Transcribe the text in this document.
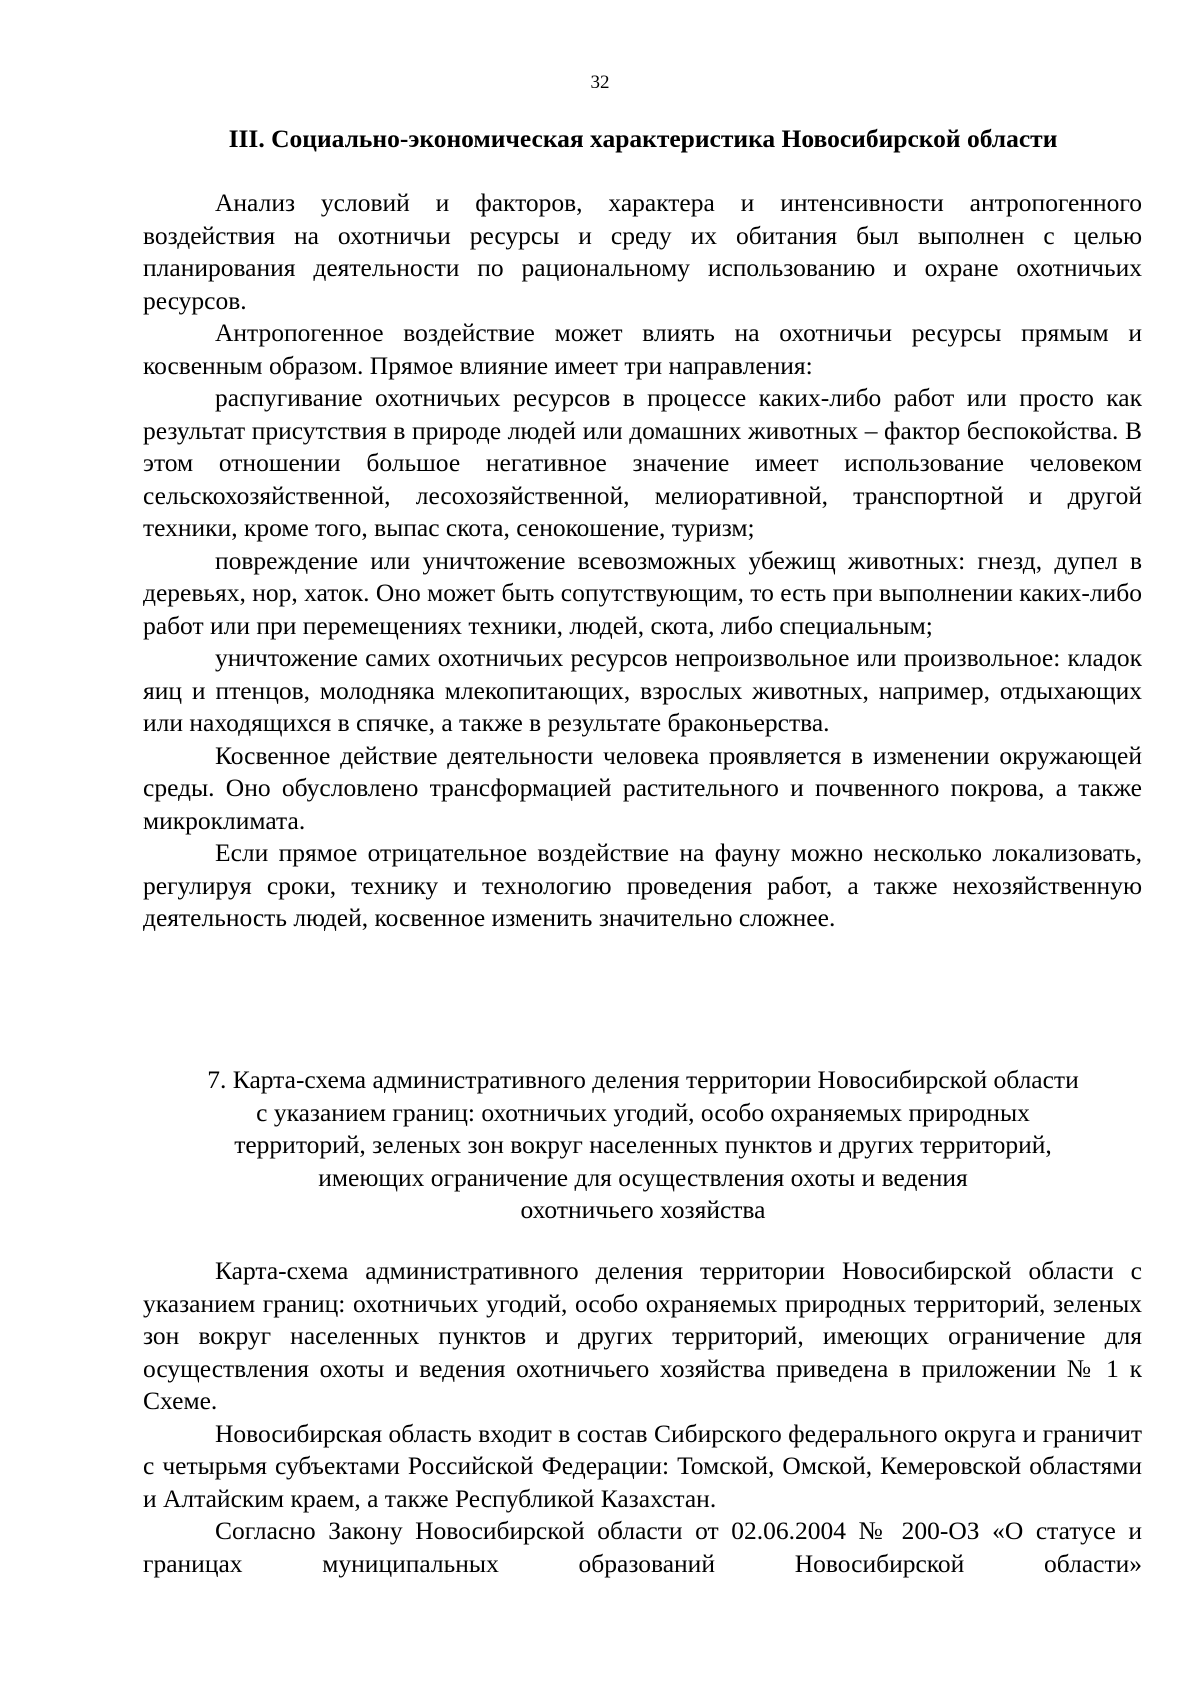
32
III. Социально-экономическая характеристика Новосибирской области

Анализ условий и факторов, характера и интенсивности антропогенного воздействия на охотничьи ресурсы и среду их обитания был выполнен с целью планирования деятельности по рациональному использованию и охране охотничьих ресурсов.

Антропогенное воздействие может влиять на охотничьи ресурсы прямым и косвенным образом. Прямое влияние имеет три направления:

распугивание охотничьих ресурсов в процессе каких-либо работ или просто как результат присутствия в природе людей или домашних животных – фактор беспокойства. В этом отношении большое негативное значение имеет использование человеком сельскохозяйственной, лесохозяйственной, мелиоративной, транспортной и другой техники, кроме того, выпас скота, сенокошение, туризм;

повреждение или уничтожение всевозможных убежищ животных: гнезд, дупел в деревьях, нор, хаток. Оно может быть сопутствующим, то есть при выполнении каких-либо работ или при перемещениях техники, людей, скота, либо специальным;

уничтожение самих охотничьих ресурсов непроизвольное или произвольное: кладок яиц и птенцов, молодняка млекопитающих, взрослых животных, например, отдыхающих или находящихся в спячке, а также в результате браконьерства.

Косвенное действие деятельности человека проявляется в изменении окружающей среды. Оно обусловлено трансформацией растительного и почвенного покрова, а также микроклимата.

Если прямое отрицательное воздействие на фауну можно несколько локализовать, регулируя сроки, технику и технологию проведения работ, а также нехозяйственную деятельность людей, косвенное изменить значительно сложнее.

7. Карта-схема административного деления территории Новосибирской области
с указанием границ: охотничьих угодий, особо охраняемых природных
территорий, зеленых зон вокруг населенных пунктов и других территорий,
имеющих ограничение для осуществления охоты и ведения
охотничьего хозяйства

Карта-схема административного деления территории Новосибирской области с указанием границ: охотничьих угодий, особо охраняемых природных территорий, зеленых зон вокруг населенных пунктов и других территорий, имеющих ограничение для осуществления охоты и ведения охотничьего хозяйства приведена в приложении № 1 к Схеме.

Новосибирская область входит в состав Сибирского федерального округа и граничит с четырьмя субъектами Российской Федерации: Томской, Омской, Кемеровской областями и Алтайским краем, а также Республикой Казахстан.

Согласно Закону Новосибирской области от 02.06.2004 № 200-ОЗ «О статусе и границах муниципальных образований Новосибирской области»
